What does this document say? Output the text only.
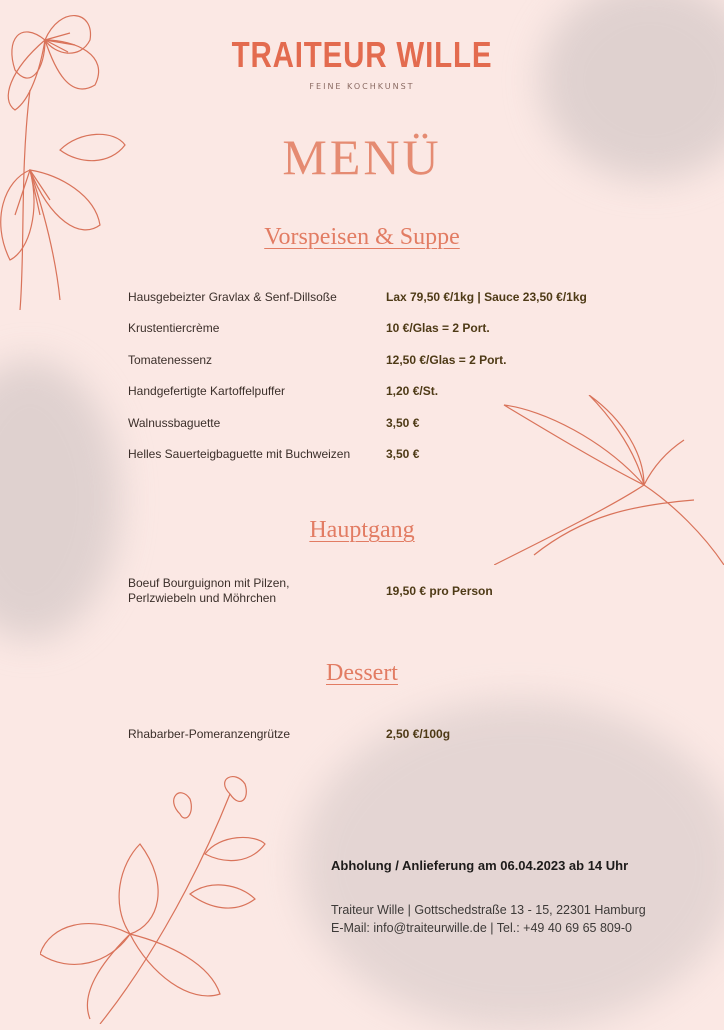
TRAITEUR WILLE
FEINE KOCHKUNST
MENÜ
Vorspeisen & Suppe
Hausgebeizter Gravlax & Senf-Dillsoße	Lax 79,50 €/1kg | Sauce 23,50 €/1kg
Krustentiercrème	10 €/Glas = 2 Port.
Tomatenessenz	12,50 €/Glas = 2 Port.
Handgefertigte Kartoffelpuffer	1,20 €/St.
Walnussbaguette	3,50 €
Helles Sauerteigbaguette mit Buchweizen	3,50 €
Hauptgang
Boeuf Bourguignon mit Pilzen,
Perlzwiebeln und Möhrchen	19,50 € pro Person
Dessert
Rhabarber-Pomeranzengrütze	2,50 €/100g
Abholung / Anlieferung am 06.04.2023 ab 14 Uhr
Traiteur Wille | Gottschedstraße 13 - 15, 22301 Hamburg
E-Mail: info@traiteurwille.de | Tel.: +49 40 69 65 809-0
